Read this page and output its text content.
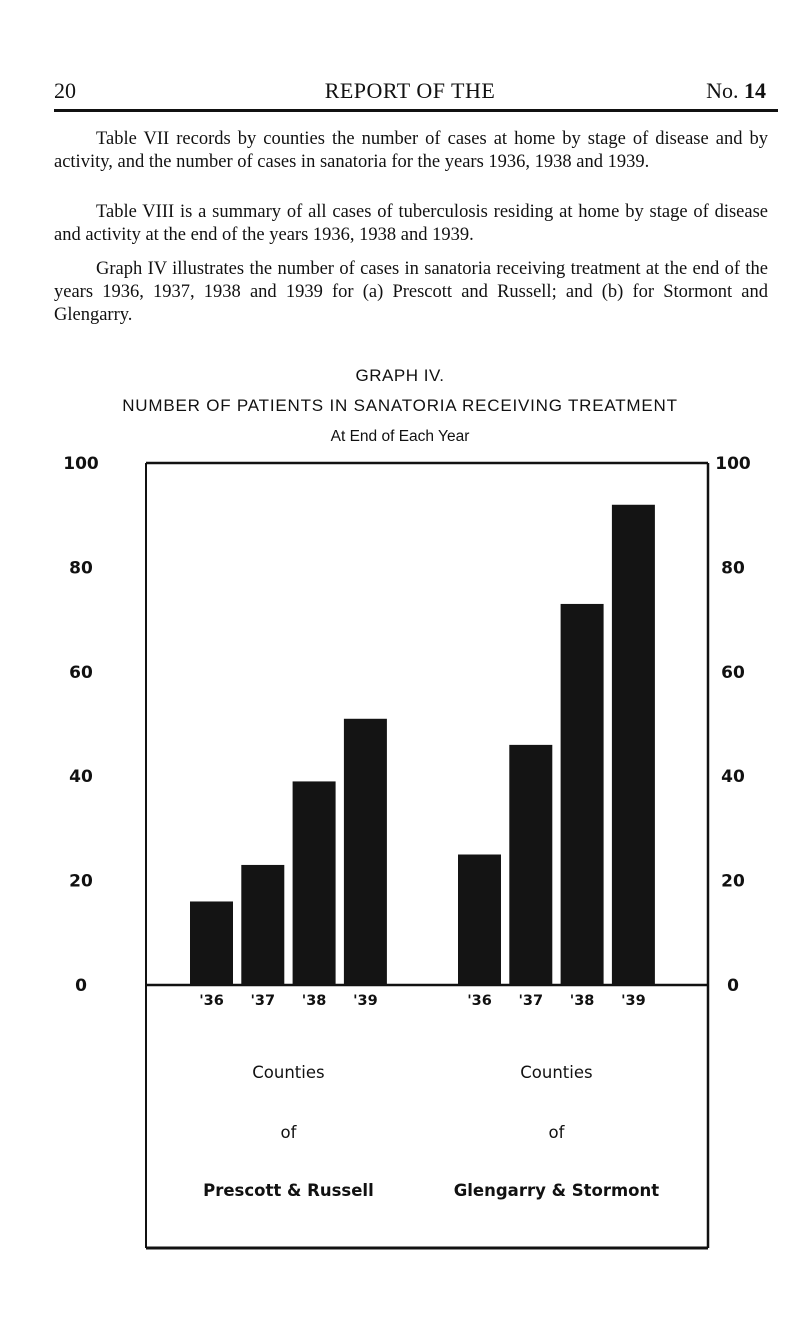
20	REPORT OF THE	No. 14

Table VII records by counties the number of cases at home by stage of disease and by activity, and the number of cases in sanatoria for the years 1936, 1938 and 1939.

Table VIII is a summary of all cases of tuberculosis residing at home by stage of disease and activity at the end of the years 1936, 1938 and 1939.

Graph IV illustrates the number of cases in sanatoria receiving treatment at the end of the years 1936, 1937, 1938 and 1939 for (a) Prescott and Russell; and (b) for Stormont and Glengarry.

GRAPH IV.
NUMBER OF PATIENTS IN SANATORIA RECEIVING TREATMENT
At End of Each Year
100	100
80	80
60	60
40	40
20	20
0	0
'36 '37 '38 '39
Counties
of
Prescott & Russell
'36 '37 '38 '39
Counties
of
Glengarry & Stormont
